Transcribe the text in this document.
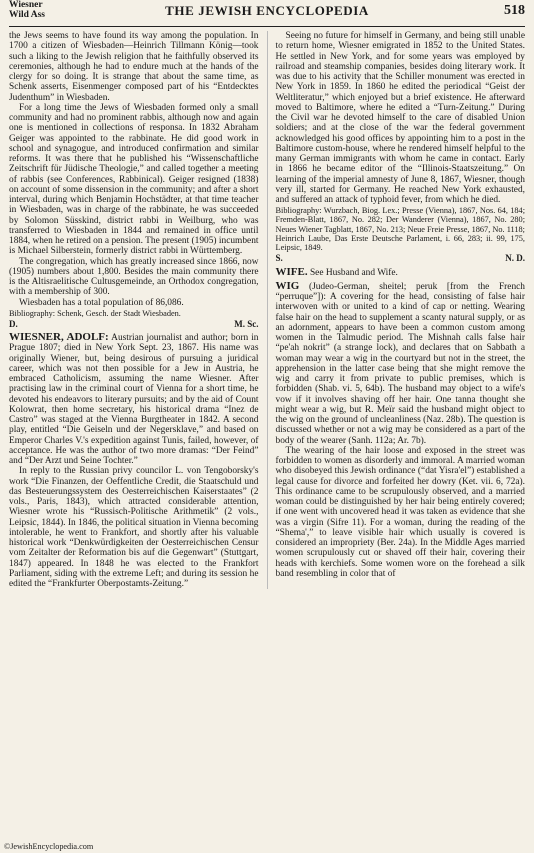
Wiesner
Wild Ass	THE JEWISH ENCYCLOPEDIA	518

the Jews seems to have found its way among the population. In 1700 a citizen of Wiesbaden—Heinrich Tillmann König—took such a liking to the Jewish religion that he faithfully observed its ceremonies, although he had to endure much at the hands of the clergy for so doing. It is strange that about the same time, as Schenk asserts, Eisenmenger composed part of his “Entdecktes Judenthum” in Wiesbaden.

For a long time the Jews of Wiesbaden formed only a small community and had no prominent rabbis, although now and again one is mentioned in collections of responsa. In 1832 Abraham Geiger was appointed to the rabbinate. He did good work in school and synagogue, and introduced confirmation and similar reforms. It was there that he published his “Wissenschaftliche Zeitschrift für Jüdische Theologie,” and called together a meeting of rabbis (see Conferences, Rabbinical). Geiger resigned (1838) on account of some dissension in the community; and after a short interval, during which Benjamin Hochstädter, at that time teacher in Wiesbaden, was in charge of the rabbinate, he was succeeded by Solomon Süsskind, district rabbi in Weilburg, who was transferred to Wiesbaden in 1844 and remained in office until 1884, when he retired on a pension. The present (1905) incumbent is Michael Silberstein, formerly district rabbi in Württemberg.

The congregation, which has greatly increased since 1866, now (1905) numbers about 1,800. Besides the main community there is the Altisraelitische Cultusgemeinde, an Orthodox congregation, with a membership of 300.

Wiesbaden has a total population of 86,086.

Bibliography: Schenk, Gesch. der Stadt Wiesbaden.

D.	M. Sc.

WIESNER, ADOLF: Austrian journalist and author; born in Prague 1807; died in New York Sept. 23, 1867. His name was originally Wiener, but, being desirous of pursuing a juridical career, which was not then possible for a Jew in Austria, he embraced Catholicism, assuming the name Wiesner. After practising law in the criminal court of Vienna for a short time, he devoted his endeavors to literary pursuits; and by the aid of Count Kolowrat, then home secretary, his historical drama “Inez de Castro” was staged at the Vienna Burgtheater in 1842. A second play, entitled “Die Geiseln und der Negersklave,” and based on Emperor Charles V.'s expedition against Tunis, failed, however, of acceptance. He was the author of two more dramas: “Der Feind” and “Der Arzt und Seine Tochter.”

In reply to the Russian privy councilor L. von Tengoborsky's work “Die Finanzen, der Oeffentliche Credit, die Staatschuld und das Besteuerungssystem des Oesterreichischen Kaiserstaates” (2 vols., Paris, 1843), which attracted considerable attention, Wiesner wrote his “Russisch-Politische Arithmetik” (2 vols., Leipsic, 1844). In 1846, the political situation in Vienna becoming intolerable, he went to Frankfort, and shortly after his valuable historical work “Denkwürdigkeiten der Oesterreichischen Censur vom Zeitalter der Reformation bis auf die Gegenwart” (Stuttgart, 1847) appeared. In 1848 he was elected to the Frankfort Parliament, siding with the extreme Left; and during its session he edited the “Frankfurter Oberpostamts-Zeitung.”

Seeing no future for himself in Germany, and being still unable to return home, Wiesner emigrated in 1852 to the United States. He settled in New York, and for some years was employed by railroad and steamship companies, besides doing literary work. It was due to his activity that the Schiller monument was erected in New York in 1859. In 1860 he edited the periodical “Geist der Weltliteratur,” which enjoyed but a brief existence. He afterward moved to Baltimore, where he edited a “Turn-Zeitung.” During the Civil war he devoted himself to the care of disabled Union soldiers; and at the close of the war the federal government acknowledged his good offices by appointing him to a post in the Baltimore custom-house, where he rendered himself helpful to the many German immigrants with whom he came in contact. Early in 1866 he became editor of the “Illinois-Staatszeitung.” On learning of the imperial amnesty of June 8, 1867, Wiesner, though very ill, started for Germany. He reached New York exhausted, and suffered an attack of typhoid fever, from which he died.

Bibliography: Wurzbach, Biog. Lex.; Presse (Vienna), 1867, Nos. 64, 184; Fremden-Blatt, 1867, No. 282; Der Wanderer (Vienna), 1867, No. 280; Neues Wiener Tagblatt, 1867, No. 213; Neue Freie Presse, 1867, No. 1118; Heinrich Laube, Das Erste Deutsche Parlament, i. 66, 283; ii. 99, 175, Leipsic, 1849.

S.	N. D.

WIFE. See Husband and Wife.

WIG (Judeo-German, sheitel; peruk [from the French “perruque”]): A covering for the head, consisting of false hair interwoven with or united to a kind of cap or netting. Wearing false hair on the head to supplement a scanty natural supply, or as an adornment, appears to have been a common custom among women in the Talmudic period. The Mishnah calls false hair “pe'ah nokrit” (a strange lock), and declares that on Sabbath a woman may wear a wig in the courtyard but not in the street, the apprehension in the latter case being that she might remove the wig and carry it from private to public premises, which is forbidden (Shab. vi. 5, 64b). The husband may object to a wife's vow if it involves shaving off her hair. One tanna thought she might wear a wig, but R. Meïr said the husband might object to the wig on the ground of uncleanliness (Naz. 28b). The question is discussed whether or not a wig may be considered as a part of the body of the wearer (Sanh. 112a; Ar. 7b).

The wearing of the hair loose and exposed in the street was forbidden to women as disorderly and immoral. A married woman who disobeyed this Jewish ordinance (“dat Yisra'el”) established a legal cause for divorce and forfeited her dowry (Ket. vii. 6, 72a). This ordinance came to be scrupulously observed, and a married woman could be distinguished by her hair being entirely covered; if one went with uncovered head it was taken as evidence that she was a virgin (Sifre 11). For a woman, during the reading of the “Shema',” to leave visible hair which usually is covered is considered an impropriety (Ber. 24a). In the Middle Ages married women scrupulously cut or shaved off their hair, covering their heads with kerchiefs. Some women wore on the forehead a silk band resembling in color that of

©JewishEncyclopedia.com
